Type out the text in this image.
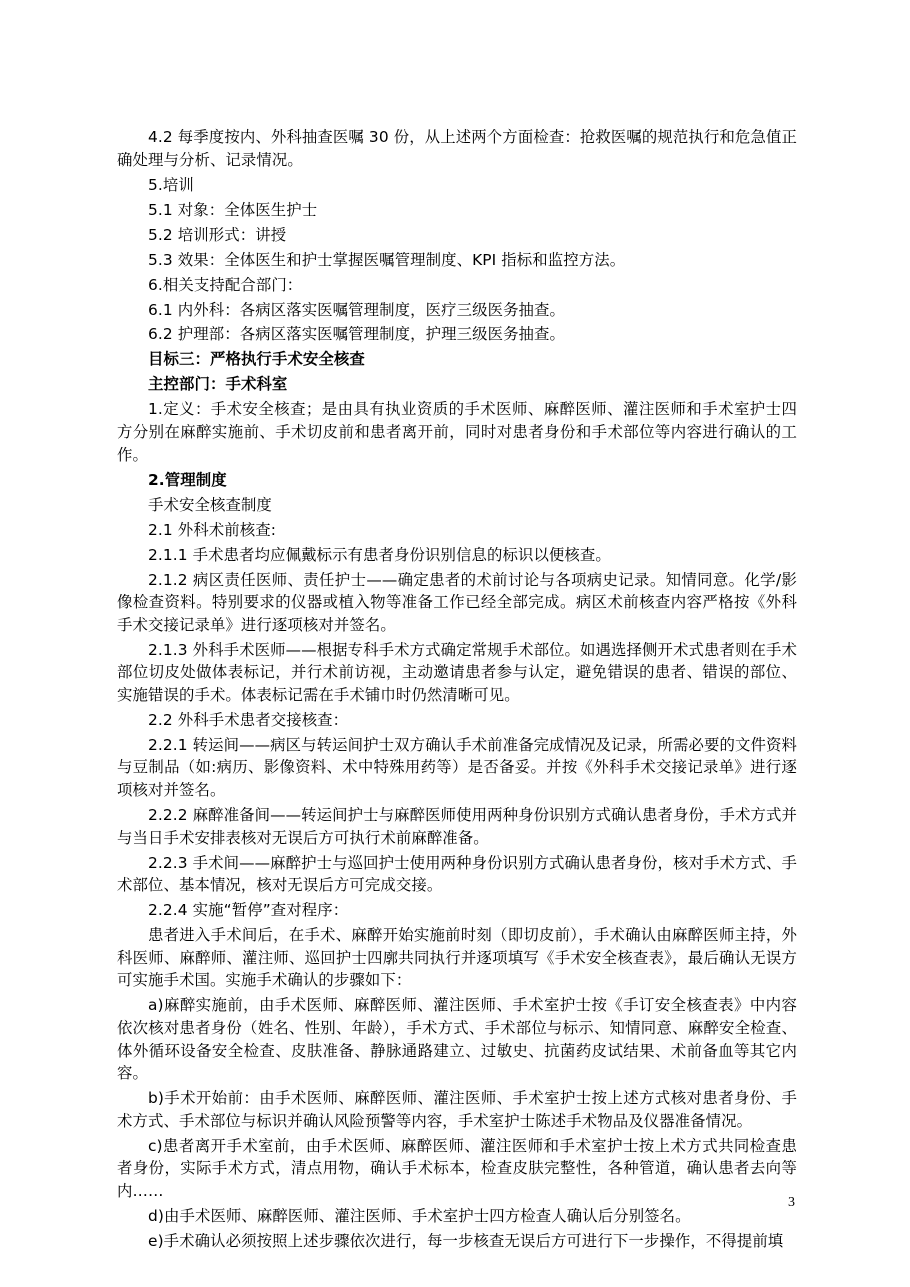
4.2 每季度按内、外科抽查医嘱 30 份，从上述两个方面检查：抢救医嘱的规范执行和危急值正确处理与分析、记录情况。

5.培训

5.1 对象：全体医生护士

5.2 培训形式：讲授

5.3 效果：全体医生和护士掌握医嘱管理制度、KPI 指标和监控方法。

6.相关支持配合部门：

6.1 内外科：各病区落实医嘱管理制度，医疗三级医务抽查。

6.2 护理部：各病区落实医嘱管理制度，护理三级医务抽查。

目标三：严格执行手术安全核查

主控部门：手术科室

1.定义：手术安全核查；是由具有执业资质的手术医师、麻醉医师、灌注医师和手术室护士四方分别在麻醉实施前、手术切皮前和患者离开前，同时对患者身份和手术部位等内容进行确认的工作。

2.管理制度

手术安全核查制度

2.1 外科术前核查:

2.1.1 手术患者均应佩戴标示有患者身份识别信息的标识以便核查。

2.1.2 病区责任医师、责任护士——确定患者的术前讨论与各项病史记录。知情同意。化学/影像检查资料。特别要求的仪器或植入物等准备工作已经全部完成。病区术前核查内容严格按《外科手术交接记录单》进行逐项核对并签名。

2.1.3 外科手术医师——根据专科手术方式确定常规手术部位。如遇选择侧开术式患者则在手术部位切皮处做体表标记，并行术前访视，主动邀请患者参与认定，避免错误的患者、错误的部位、实施错误的手术。体表标记需在手术铺巾时仍然清晰可见。

2.2 外科手术患者交接核查：

2.2.1 转运间——病区与转运间护士双方确认手术前准备完成情况及记录，所需必要的文件资料与豆制品（如:病历、影像资料、术中特殊用药等）是否备妥。并按《外科手术交接记录单》进行逐项核对并签名。

2.2.2 麻醉准备间——转运间护士与麻醉医师使用两种身份识别方式确认患者身份，手术方式并与当日手术安排表核对无误后方可执行术前麻醉准备。

2.2.3 手术间——麻醉护士与巡回护士使用两种身份识别方式确认患者身份，核对手术方式、手术部位、基本情况，核对无误后方可完成交接。

2.2.4 实施“暂停”查对程序：

患者进入手术间后，在手术、麻醉开始实施前时刻（即切皮前），手术确认由麻醉医师主持，外科医师、麻醉师、灌注师、巡回护士四廓共同执行并逐项填写《手术安全核查表》，最后确认无误方可实施手术国。实施手术确认的步骤如下：

a)麻醉实施前，由手术医师、麻醉医师、灌注医师、手术室护士按《手订安全核查表》中内容依次核对患者身份（姓名、性别、年龄），手术方式、手术部位与标示、知情同意、麻醉安全检查、体外循环设备安全检查、皮肤准备、静脉通路建立、过敏史、抗菌药皮试结果、术前备血等其它内容。

b)手术开始前：由手术医师、麻醉医师、灌注医师、手术室护士按上述方式核对患者身份、手术方式、手术部位与标识并确认风险预警等内容，手术室护士陈述手术物品及仪器准备情况。

c)患者离开手术室前，由手术医师、麻醉医师、灌注医师和手术室护士按上术方式共同检查患者身份，实际手术方式，清点用物，确认手术标本，检查皮肤完整性，各种管道，确认患者去向等内……

d)由手术医师、麻醉医师、灌注医师、手术室护士四方检查人确认后分别签名。

e)手术确认必须按照上述步骤依次进行，每一步核查无误后方可进行下一步操作，不得提前填

3
